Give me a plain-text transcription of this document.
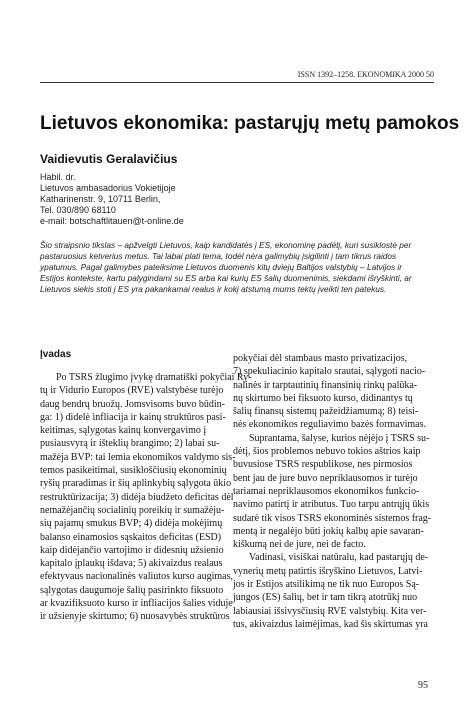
ISSN 1392–1258. EKONOMIKA 2000 50
Lietuvos ekonomika: pastarųjų metų pamokos
Vaidievutis Geralavičius
Habil. dr.
Lietuvos ambasadorius Vokietijoje
Katharinenstr. 9, 10711 Berlin,
Tel. 030/890 68110
e-mail: botschaftlitauen@t-online.de
Šio straipsnio tikslas – apžvelgti Lietuvos, kaip kandidatės į ES, ekonominę padėtį, kuri susiklostė per
pastaruosius ketverius metus. Tai labai plati tema, todėl nėra galimybių įsigilinti į tam tikrus raidos
ypatumus. Pagal galimybes pateiksime Lietuvos duomenis kitų dviejų Baltijos valstybių – Latvijos ir
Estijos kontekste, kartu palygindami su ES arba kai kurių ES šalių duomenimis, siekdami išryškinti, ar
Lietuvos siekis stoti į ES yra pakankamai realus ir kokį atstumą mums tektų įveikti ten patekus.
Įvadas
Po TSRS žlugimo įvykę dramatiški pokyčiai Ry-
tų ir Vidurio Europos (RVE) valstybėse turėjo
daug bendrų bruožų. Jomsvisoms buvo būdin-
ga: 1) didelė infliacija ir kainų struktūros pasi-
keitimas, sąlygotas kainų konvergavimo į
pusiausvyrą ir išteklių brangimo; 2) labai su-
mažėja BVP: tai lemia ekonomikos valdymo sis-
temos pasikeitimai, susikloščiusių ekonominių
ryšių praradimas ir šių aplinkybių sąlygota ūkio
restruktūrizacija; 3) didėja biudžeto deficitas dėl
nemažėjančių socialinių poreikių ir sumažėju-
sių pajamų smukus BVP; 4) didėja mokėjimų
balanso einamosios sąskaitos deficitas (ESD)
kaip didėjančio vartojimo ir didesnių užsienio
kapitalo įplaukų išdava; 5) akivaizdus realaus
efektyvaus nacionalinės valiutos kurso augimas,
sąlygotas daugumoje šalių pasirinkto fiksuoto
ar kvazifiksuoto kurso ir infliacijos šalies viduje
ir užsienyje skirtumo; 6) nuosavybės struktūros
pokyčiai dėl stambaus masto privatizacijos,
7) spekuliacinio kapitalo srautai, sąlygoti nacio-
nalinės ir tarptautinių finansinių rinkų palūka-
nų skirtumo bei fiksuoto kurso, didinantys tų
šalių finansų sistemų pažeidžiamumą; 8) teisi-
nės ekonomikos reguliavimo bazės formavimas.
Suprantama, šalyse, kurios nėjėjo į TSRS su-
dėtį, šios problemos nebuvo tokios aštrios kaip
buvusiose TSRS respublikose, nes pirmosios
bent jau de jure buvo nepriklausomos ir turėjo
tariamai nepriklausomos ekonomikos funkcio-
navimo patirtį ir atributus. Tuo tarpu antrųjų ūkis
sudarė tik visos TSRS ekonominės sistemos frag-
mentą ir negalėjo būti jokių kalbų apie savaran-
kiškumą nei de jure, nei de facto.
Vadinasi, visiškai natūralu, kad pastarųjų de-
vynerių metų patirtis išryškino Lietuvos, Latvi-
jos ir Estijos atsilikimą ne tik nuo Europos Są-
jungos (ES) šalių, bet ir tam tikrą atotrūkį nuo
labiausiai išsivysčiusių RVE valstybių. Kita ver-
tus, akivaizdus laimėjimas, kad šis skirtumas yra
95
